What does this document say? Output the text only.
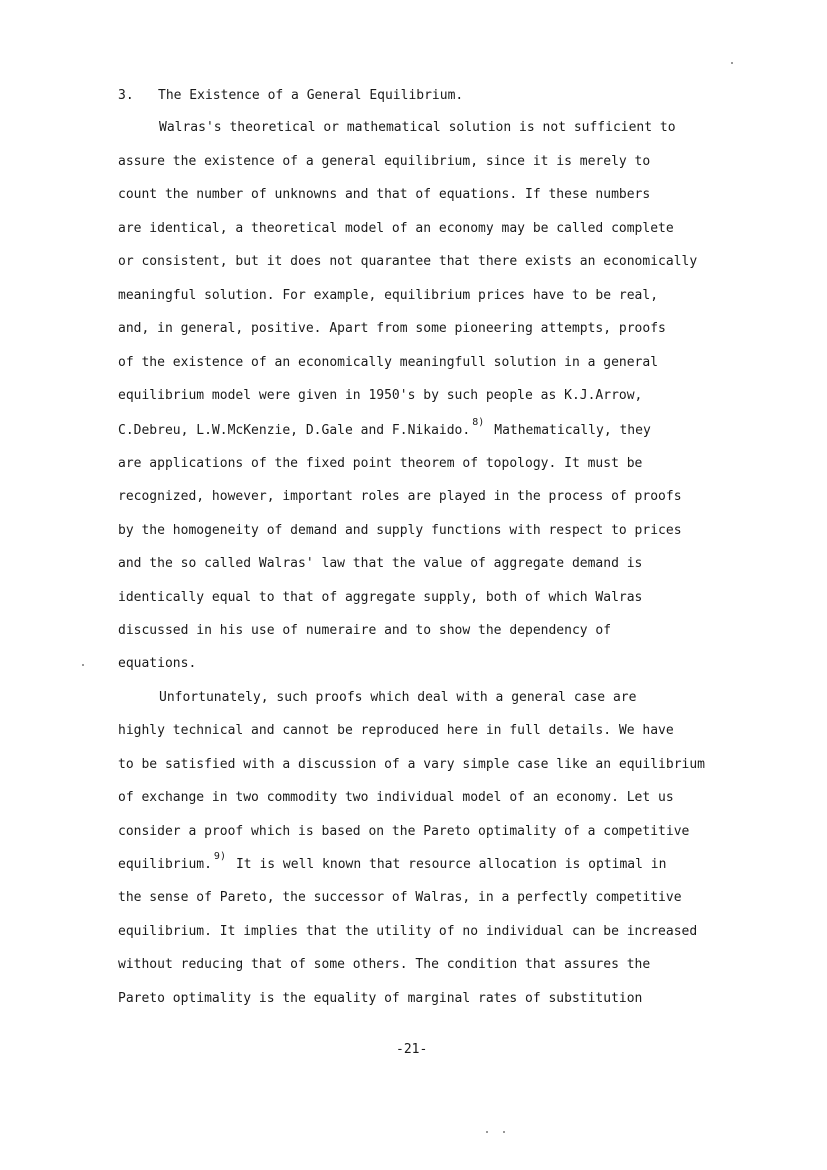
3. The Existence of a General Equilibrium.
Walras's theoretical or mathematical solution is not sufficient to
assure the existence of a general equilibrium, since it is merely to
count the number of unknowns and that of equations. If these numbers
are identical, a theoretical model of an economy may be called complete
or consistent, but it does not quarantee that there exists an economically
meaningful solution. For example, equilibrium prices have to be real,
and, in general, positive. Apart from some pioneering attempts, proofs
of the existence of an economically meaningfull solution in a general
equilibrium model were given in 1950's by such people as K.J.Arrow,
C.Debreu, L.W.McKenzie, D.Gale and F.Nikaido.$^{8)}$Mathematically, they
are applications of the fixed point theorem of topology. It must be
recognized, however, important roles are played in the process of proofs
by the homogeneity of demand and supply functions with respect to prices
and the so called Walras' law that the value of aggregate demand is
identically equal to that of aggregate supply, both of which Walras
discussed in his use of numeraire and to show the dependency of
equations.
Unfortunately, such proofs which deal with a general case are
highly technical and cannot be reproduced here in full details. We have
to be satisfied with a discussion of a vary simple case like an equilibrium
of exchange in two commodity two individual model of an economy. Let us
consider a proof which is based on the Pareto optimality of a competitive
equilibrium.$^{9)}$It is well known that resource allocation is optimal in
the sense of Pareto, the successor of Walras, in a perfectly competitive
equilibrium. It implies that the utility of no individual can be increased
without reducing that of some others. The condition that assures the
Pareto optimality is the equality of marginal rates of substitution
-21-
